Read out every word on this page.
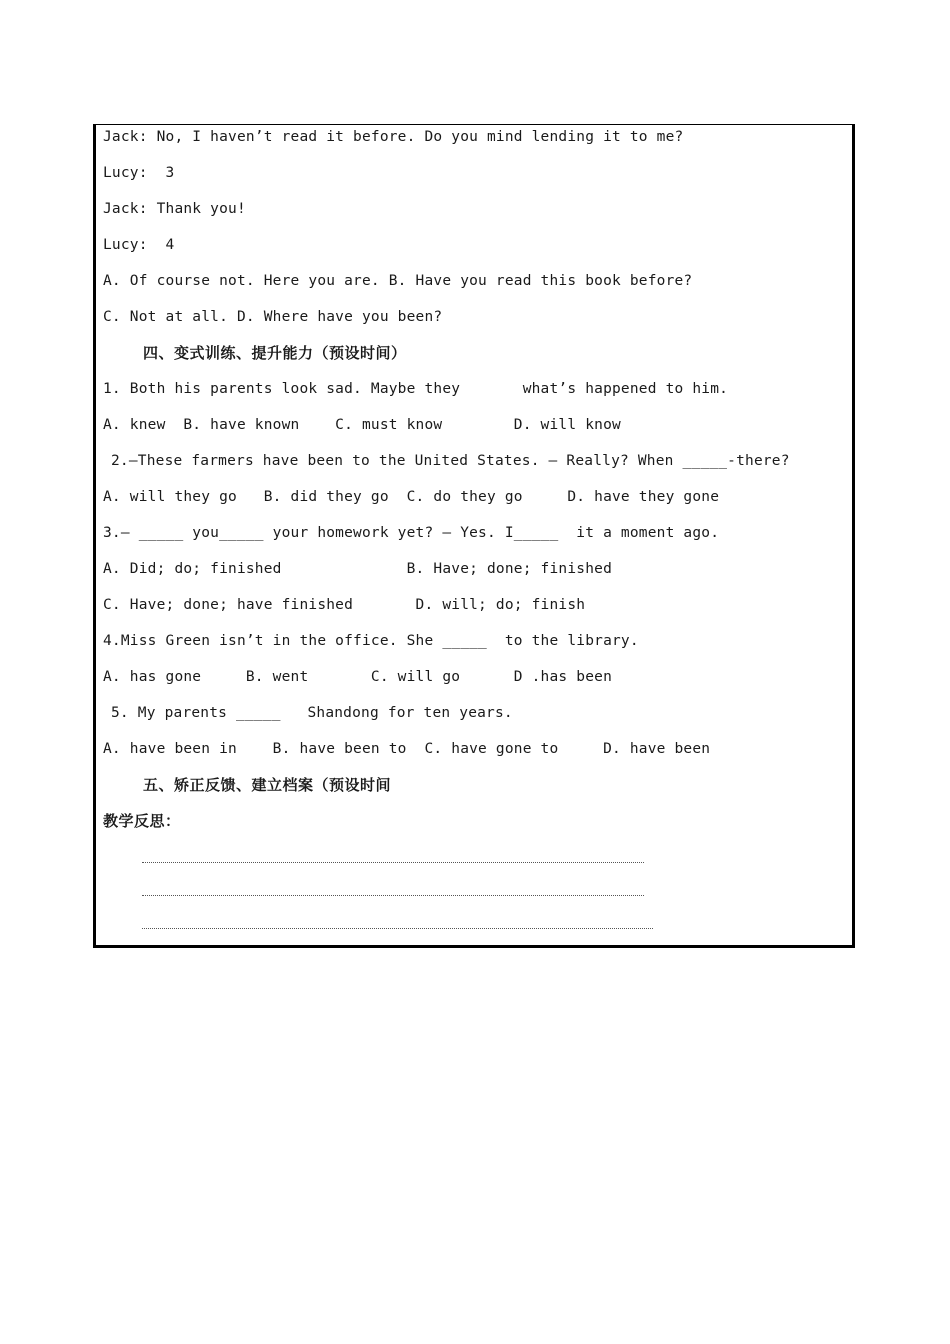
Jack: No, I haven’t read it before. Do you mind lending it to me?
Lucy:  3
Jack: Thank you!
Lucy:  4
A. Of course not. Here you are. B. Have you read this book before?
C. Not at all. D. Where have you been?
四、变式训练、提升能力（预设时间）
1. Both his parents look sad. Maybe they       what’s happened to him.
A. knew  B. have known    C. must know        D. will know
2.—These farmers have been to the United States. — Really? When _____-there?
A. will they go   B. did they go  C. do they go     D. have they gone
3.— _____ you_____ your homework yet? — Yes. I_____  it a moment ago.
A. Did; do; finished              B. Have; done; finished
C. Have; done; have finished       D. will; do; finish
4.Miss Green isn’t in the office. She _____  to the library.
A. has gone     B. went       C. will go      D .has been
5. My parents _____   Shandong for ten years.
A. have been in    B. have been to  C. have gone to     D. have been
五、矫正反馈、建立档案（预设时间
教学反思：
